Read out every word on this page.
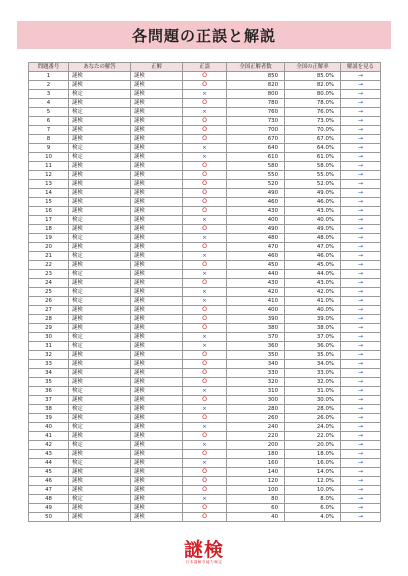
各問題の正誤と解説
問題番号	あなたの解答	正解	正誤	全国正解者数	全国の正解率	解説を見る
1	謎検	謎検	O	850	85.0%	→
2	謎検	謎検	O	820	82.0%	→
3	検定	謎検	×	800	80.0%	→
4	謎検	謎検	O	780	78.0%	→
5	検定	謎検	×	760	76.0%	→
6	謎検	謎検	O	730	73.0%	→
7	謎検	謎検	O	700	70.0%	→
8	謎検	謎検	O	670	67.0%	→
9	検定	謎検	×	640	64.0%	→
10	検定	謎検	×	610	61.0%	→
11	謎検	謎検	O	580	58.0%	→
12	謎検	謎検	O	550	55.0%	→
13	謎検	謎検	O	520	52.0%	→
14	謎検	謎検	O	490	49.0%	→
15	謎検	謎検	O	460	46.0%	→
16	謎検	謎検	O	430	43.0%	→
17	検定	謎検	×	400	40.0%	→
18	謎検	謎検	O	490	49.0%	→
19	検定	謎検	×	480	48.0%	→
20	謎検	謎検	O	470	47.0%	→
21	検定	謎検	×	460	46.0%	→
22	謎検	謎検	O	450	45.0%	→
23	検定	謎検	×	440	44.0%	→
24	謎検	謎検	O	430	43.0%	→
25	検定	謎検	×	420	42.0%	→
26	検定	謎検	×	410	41.0%	→
27	謎検	謎検	O	400	40.0%	→
28	謎検	謎検	O	390	39.0%	→
29	謎検	謎検	O	380	38.0%	→
30	検定	謎検	×	370	37.0%	→
31	検定	謎検	×	360	36.0%	→
32	謎検	謎検	O	350	35.0%	→
33	謎検	謎検	O	340	34.0%	→
34	謎検	謎検	O	330	33.0%	→
35	謎検	謎検	O	320	32.0%	→
36	検定	謎検	×	310	31.0%	→
37	謎検	謎検	O	300	30.0%	→
38	検定	謎検	×	280	28.0%	→
39	謎検	謎検	O	260	26.0%	→
40	検定	謎検	×	240	24.0%	→
41	謎検	謎検	O	220	22.0%	→
42	検定	謎検	×	200	20.0%	→
43	謎検	謎検	O	180	18.0%	→
44	検定	謎検	×	160	16.0%	→
45	謎検	謎検	O	140	14.0%	→
46	謎検	謎検	O	120	12.0%	→
47	謎検	謎検	O	100	10.0%	→
48	検定	謎検	×	80	8.0%	→
49	謎検	謎検	O	60	6.0%	→
50	謎検	謎検	O	40	4.0%	→
謎検
日本謎解き能力検定
